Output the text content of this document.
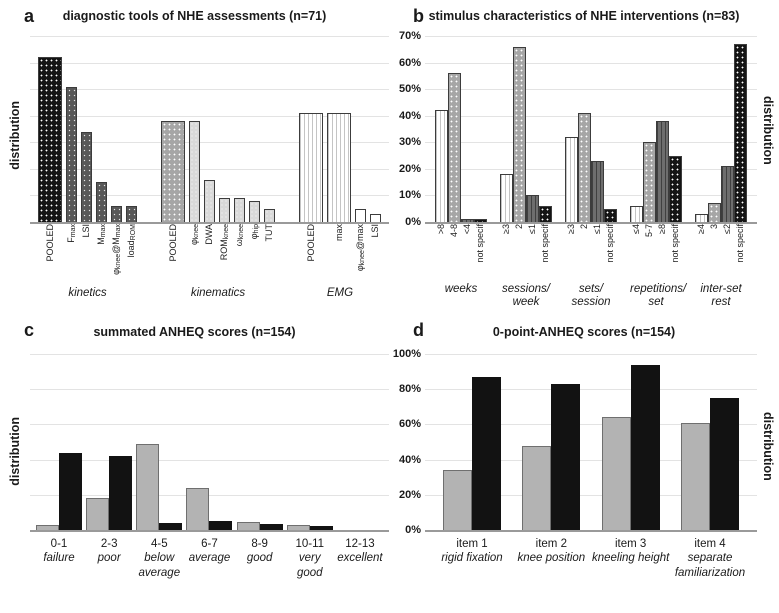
a	diagnostic tools of NHE assessments (n=71)
distribution
POOLED $F_{max}$ LSI
$M_{max}$
$\varphi_{knee}@M_{max}$
load$_{ROM}$	POOLED $\varphi_{knee}$ DWA
$ROM_{knee}$
$\omega_{knee}$ $\varphi_{hip}$ TUT	POOLED max
$\varphi_{knee}@\max$ LSI
kinetics	kinematics	EMG
b stimulus characteristics of NHE interventions (n=83)
70%
60%
50%
40%
30%
20%
10%
0%
>8 4-8 <4 not specif ≥3 2 ≤1 not specif ≥3 2 ≤1 not specif ≤4 5-7 ≥8 not specif ≥4 3 ≤2 not specif
weeks	sessions/
week
sets/
session
repetitions/
set
inter-set
rest
distribution
c	summated ANHEQ scores (n=154)
distribution
0-1
failure
2-3
poor
4-5
below
average
6-7
average
8-9
good
10-11
very
good
12-13
excellent
d	0-point-ANHEQ scores (n=154)
100%
80%
60%
40%
20%
0%
item 1
rigid fixation
item 2
knee position
item 3
kneeling height
item 4
separate
familiarization
distribution
